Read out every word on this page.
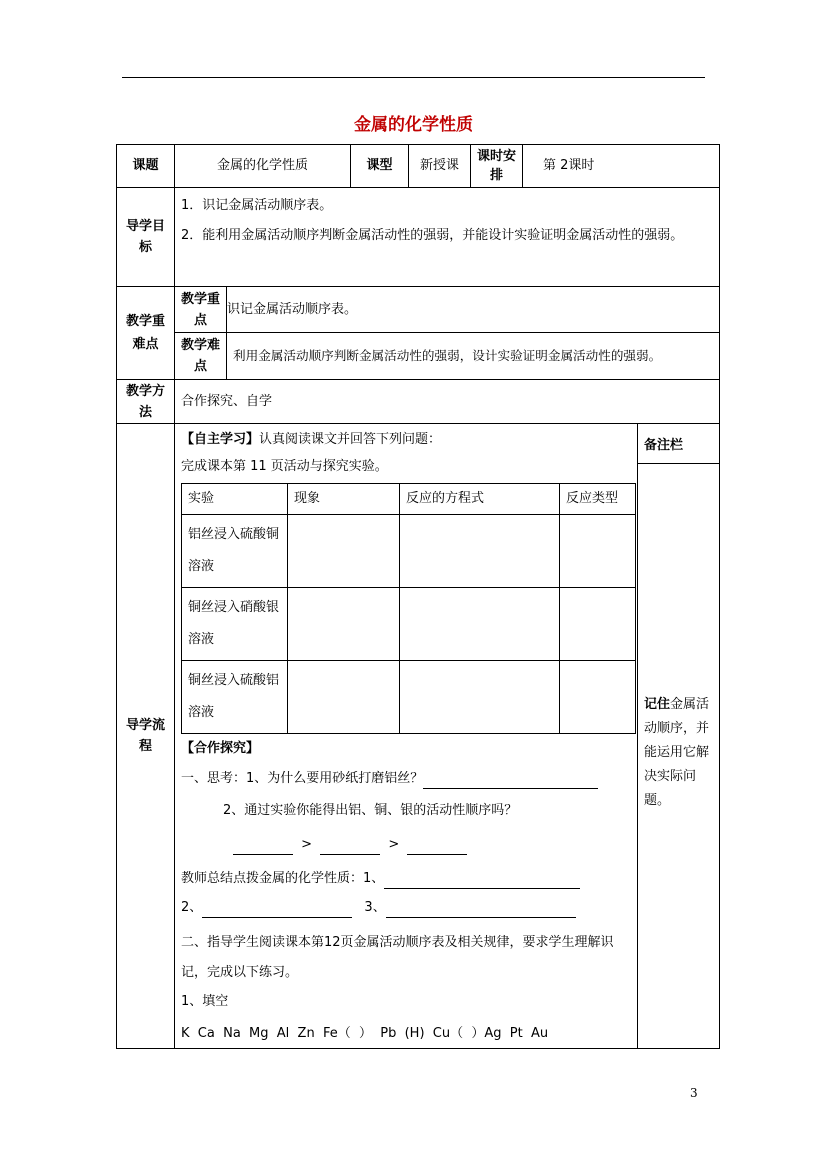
金属的化学性质
课题	金属的化学性质	课型	新授课	课时安排	第 2课时
导学目标	
1．识记金属活动顺序表。
2．能利用金属活动顺序判断金属活动性的强弱，并能设计实验证明金属活动性的强弱。

教学重难点	教学重点	识记金属活动顺序表。
教学难点	利用金属活动顺序判断金属活动性的强弱，设计实验证明金属活动性的强弱。
教学方法	合作探究、自学
导学流程	
【自主学习】认真阅读课文并回答下列问题：
完成课本第 11 页活动与探究实验。
实验	现象	反应的方程式	反应类型
铝丝浸入硫酸铜溶液			
铜丝浸入硝酸银溶液			
铜丝浸入硫酸铝溶液			
【合作探究】
一、思考：1、为什么要用砂纸打磨铝丝？
2、通过实验你能得出铝、铜、银的活动性顺序吗？
>	>
教师总结点拨金属的化学性质：1、
2、	3、
二、指导学生阅读课本第12页金属活动顺序表及相关规律，要求学生理解识记，完成以下练习。
1、填空
K  Ca  Na  Mg  Al  Zn  Fe（  ）  Pb  (H)  Cu（  ）Ag  Pt  Au

备注栏
记住金属活动顺序，并能运用它解决实际问题。
3
